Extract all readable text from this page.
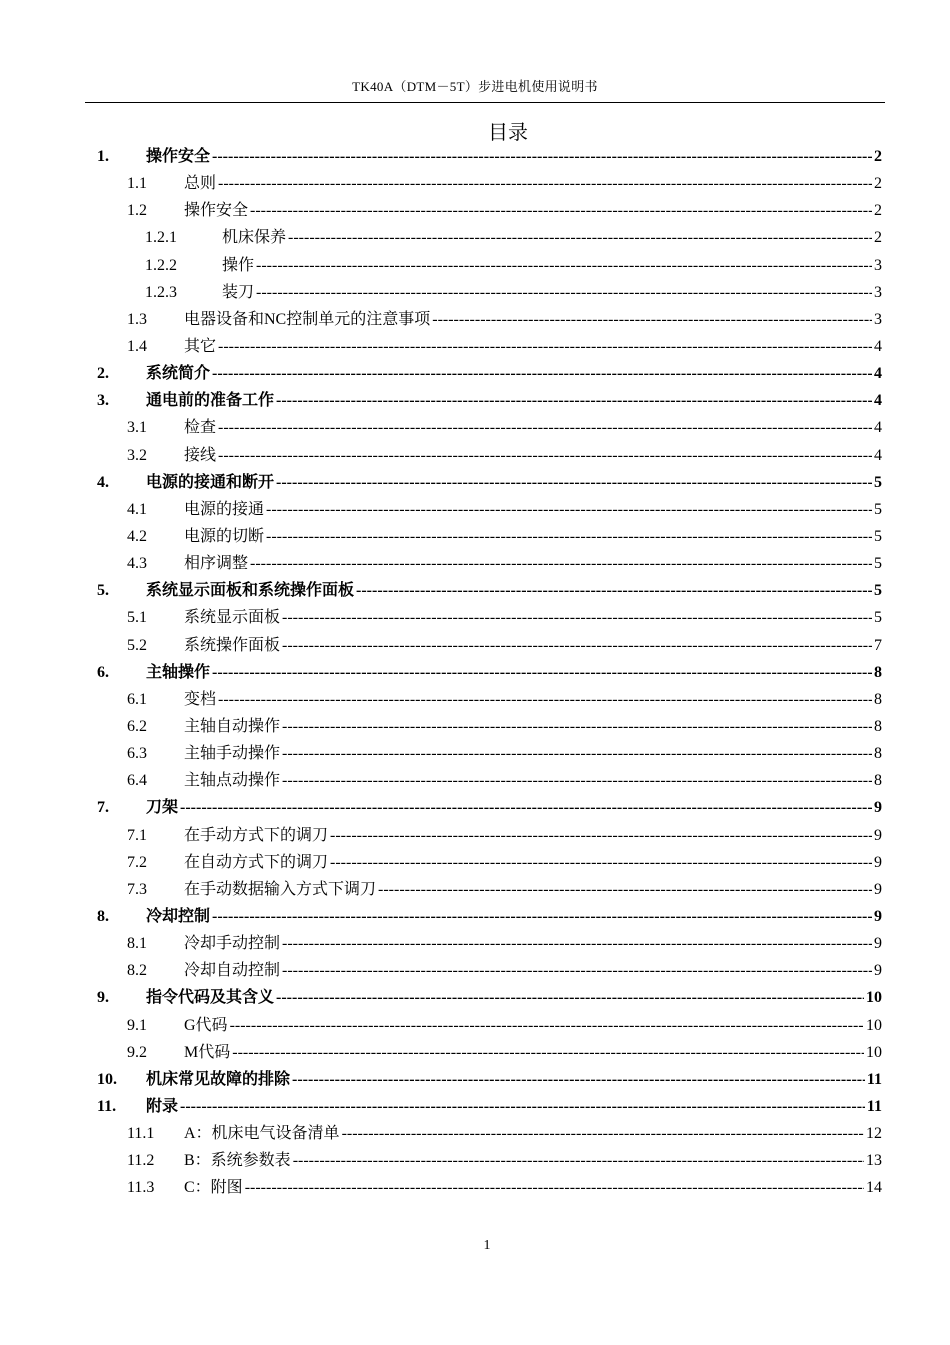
TK40A（DTM－5T）步进电机使用说明书
目录
1. 操作安全 -----	2
1.1 总则 -----	2
1.2 操作安全 -----	2
1.2.1	机床保养 -----	2
1.2.2	操作 -----	3
1.2.3	装刀 -----	3
1.3 电器设备和NC控制单元的注意事项 -----	3
1.4 其它 -----	4
2. 系统简介 -----	4
3. 通电前的准备工作 -----	4
3.1 检查 -----	4
3.2 接线 -----	4
4. 电源的接通和断开 -----	5
4.1 电源的接通 -----	5
4.2 电源的切断 -----	5
4.3 相序调整 -----	5
5. 系统显示面板和系统操作面板 -----	5
5.1 系统显示面板 -----	5
5.2 系统操作面板 -----	7
6. 主轴操作 -----	8
6.1 变档 -----	8
6.2 主轴自动操作 -----	8
6.3 主轴手动操作 -----	8
6.4 主轴点动操作 -----	8
7. 刀架 -----	9
7.1 在手动方式下的调刀 -----	9
7.2 在自动方式下的调刀 -----	9
7.3 在手动数据输入方式下调刀 -----	9
8. 冷却控制 -----	9
8.1 冷却手动控制 -----	9
8.2 冷却自动控制 -----	9
9. 指令代码及其含义 -----	10
9.1 G代码 -----	10
9.2 M代码 -----	10
10. 机床常见故障的排除 -----	11
11. 附录 -----	11
11.1 A：机床电气设备清单 -----	12
11.2 B：系统参数表 -----	13
11.3 C：附图 -----	14
1
